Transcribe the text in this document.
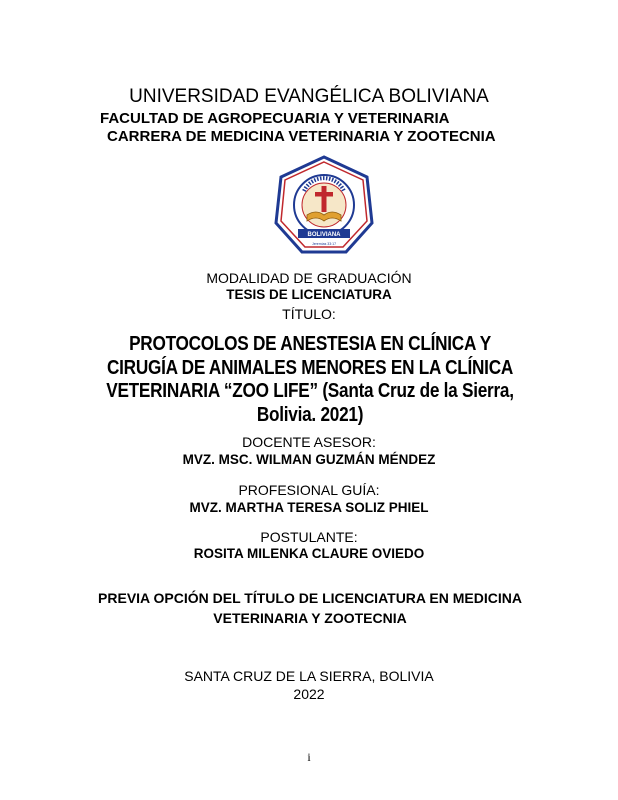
UNIVERSIDAD EVANGÉLICA BOLIVIANA
FACULTAD DE AGROPECUARIA Y VETERINARIA
CARRERA DE MEDICINA VETERINARIA Y ZOOTECNIA
BOLIVIANA
Jeremías 33:17
MODALIDAD DE GRADUACIÓN
TESIS DE LICENCIATURA
TÍTULO:
PROTOCOLOS DE ANESTESIA EN CLÍNICA Y CIRUGÍA DE ANIMALES MENORES EN LA CLÍNICA VETERINARIA “ZOO LIFE” (Santa Cruz de la Sierra, Bolivia. 2021)
DOCENTE ASESOR:
MVZ. MSC. WILMAN GUZMÁN MÉNDEZ
PROFESIONAL GUÍA:
MVZ. MARTHA TERESA SOLIZ PHIEL
POSTULANTE:
ROSITA MILENKA CLAURE OVIEDO
PREVIA OPCIÓN DEL TÍTULO DE LICENCIATURA EN MEDICINA VETERINARIA Y ZOOTECNIA
SANTA CRUZ DE LA SIERRA, BOLIVIA
2022
i
